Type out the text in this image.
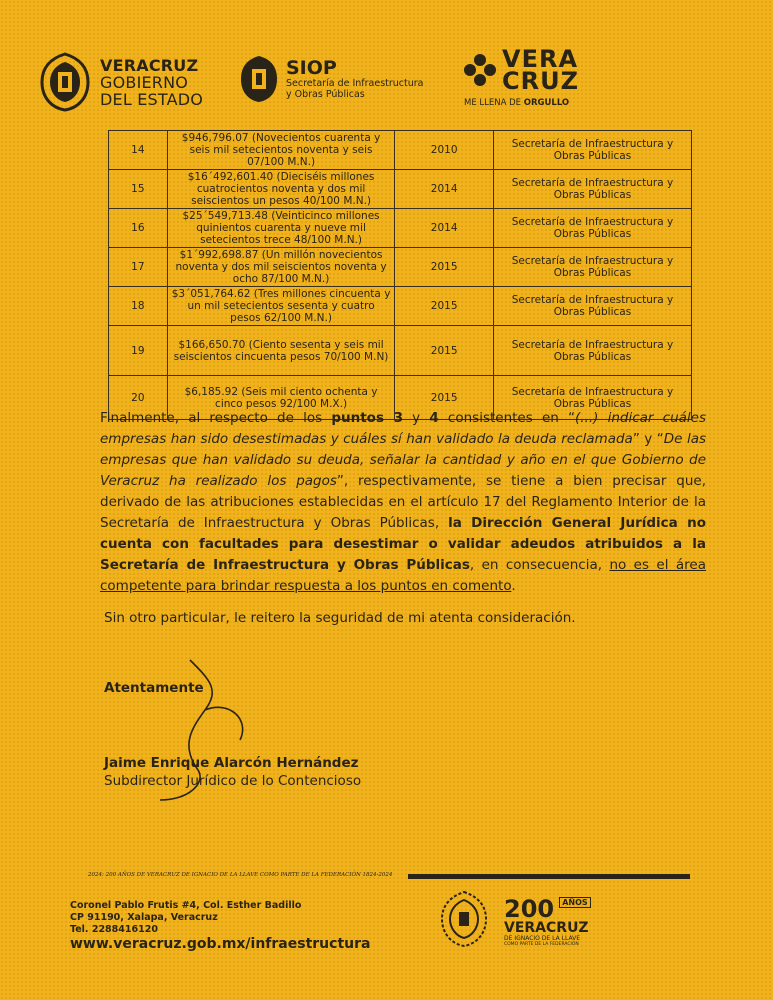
VERACRUZ
GOBIERNO
DEL ESTADO
SIOP
Secretaría de Infraestructura
y Obras Públicas
VERA
CRUZ
ME LLENA DE ORGULLO
14	$946,796.07 (Novecientos cuarenta y seis mil setecientos noventa y seis 07/100 M.N.)	2010	Secretaría de Infraestructura y Obras Públicas
15	$16´492,601.40 (Dieciséis millones cuatrocientos noventa y dos mil seiscientos un pesos 40/100 M.N.)	2014	Secretaría de Infraestructura y Obras Públicas
16	$25´549,713.48 (Veinticinco millones quinientos cuarenta y nueve mil setecientos trece 48/100 M.N.)	2014	Secretaría de Infraestructura y Obras Públicas
17	$1´992,698.87 (Un millón novecientos noventa y dos mil seiscientos noventa y ocho 87/100 M.N.)	2015	Secretaría de Infraestructura y Obras Públicas
18	$3´051,764.62 (Tres millones cincuenta y un mil setecientos sesenta y cuatro pesos 62/100 M.N.)	2015	Secretaría de Infraestructura y Obras Públicas
19	$166,650.70 (Ciento sesenta y seis mil seiscientos cincuenta pesos 70/100 M.N)	2015	Secretaría de Infraestructura y Obras Públicas
20	$6,185.92 (Seis mil ciento ochenta y cinco pesos 92/100 M.X.)	2015	Secretaría de Infraestructura y Obras Públicas
Finalmente, al respecto de los puntos 3 y 4 consistentes en “(...) indicar cuáles empresas han sido desestimadas y cuáles sí han validado la deuda reclamada” y “De las empresas que han validado su deuda, señalar la cantidad y año en el que Gobierno de Veracruz ha realizado los pagos”, respectivamente, se tiene a bien precisar que, derivado de las atribuciones establecidas en el artículo 17 del Reglamento Interior de la Secretaría de Infraestructura y Obras Públicas, la Dirección General Jurídica no cuenta con facultades para desestimar o validar adeudos atribuidos a la Secretaría de Infraestructura y Obras Públicas, en consecuencia, no es el área competente para brindar respuesta a los puntos en comento.
Sin otro particular, le reitero la seguridad de mi atenta consideración.
Atentamente
Jaime Enrique Alarcón Hernández
Subdirector Jurídico de lo Contencioso
2024: 200 AÑOS DE VERACRUZ DE IGNACIO DE LA LLAVE COMO PARTE DE LA FEDERACIÓN 1824-2024
Coronel Pablo Frutis #4, Col. Esther Badillo
CP 91190, Xalapa, Veracruz
Tel. 2288416120
www.veracruz.gob.mx/infraestructura
200 $^{AÑOS}$
VERACRUZ
DE IGNACIO DE LA LLAVE
COMO PARTE DE LA FEDERACIÓN
